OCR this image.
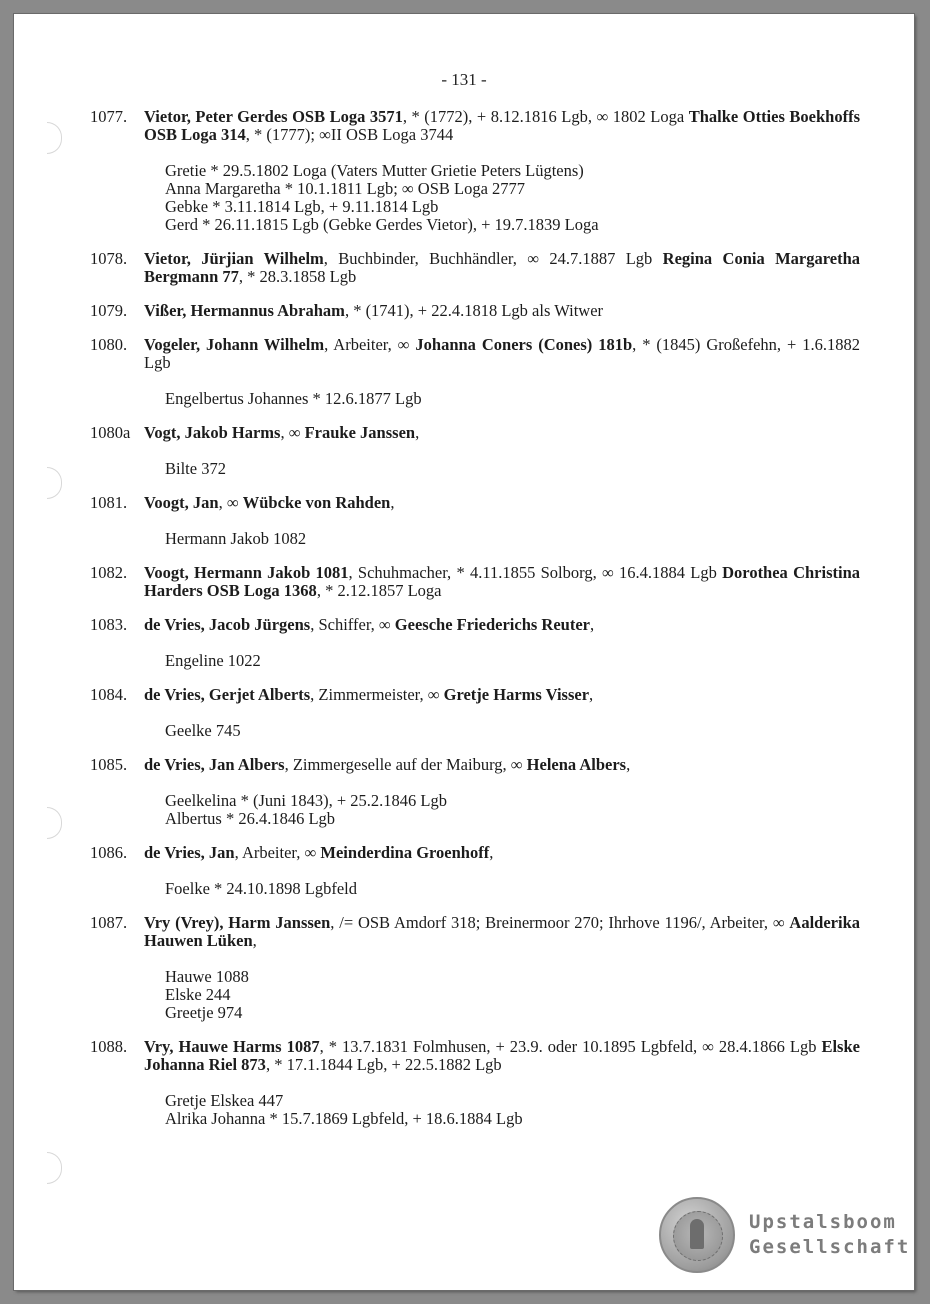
- 131 -
1077.	Vietor, Peter Gerdes OSB Loga 3571, * (1772), + 8.12.1816 Lgb, ∞ 1802 Loga Thalke Otties Boekhoffs OSB Loga 314, * (1777); ∞II OSB Loga 3744
Gretie * 29.5.1802 Loga (Vaters Mutter Grietie Peters Lügtens)
Anna Margaretha * 10.1.1811 Lgb; ∞ OSB Loga 2777
Gebke * 3.11.1814 Lgb, + 9.11.1814 Lgb
Gerd * 26.11.1815 Lgb (Gebke Gerdes Vietor), + 19.7.1839 Loga
1078.	Vietor, Jürjian Wilhelm, Buchbinder, Buchhändler, ∞ 24.7.1887 Lgb Regina Conia Margaretha Bergmann 77, * 28.3.1858 Lgb
1079.	Vißer, Hermannus Abraham, * (1741), + 22.4.1818 Lgb als Witwer
1080.	Vogeler, Johann Wilhelm, Arbeiter, ∞ Johanna Coners (Cones) 181b, * (1845) Großefehn, + 1.6.1882 Lgb
Engelbertus Johannes * 12.6.1877 Lgb
1080a Vogt, Jakob Harms, ∞ Frauke Janssen,
Bilte 372
1081.	Voogt, Jan, ∞ Wübcke von Rahden,
Hermann Jakob 1082
1082.	Voogt, Hermann Jakob 1081, Schuhmacher, * 4.11.1855 Solborg, ∞ 16.4.1884 Lgb Dorothea Christina Harders OSB Loga 1368, * 2.12.1857 Loga
1083.	de Vries, Jacob Jürgens, Schiffer, ∞ Geesche Friederichs Reuter,
Engeline 1022
1084.	de Vries, Gerjet Alberts, Zimmermeister, ∞ Gretje Harms Visser,
Geelke 745
1085.	de Vries, Jan Albers, Zimmergeselle auf der Maiburg, ∞ Helena Albers,
Geelkelina * (Juni 1843), + 25.2.1846 Lgb
Albertus * 26.4.1846 Lgb
1086.	de Vries, Jan, Arbeiter, ∞ Meinderdina Groenhoff,
Foelke * 24.10.1898 Lgbfeld
1087.	Vry (Vrey), Harm Janssen, /= OSB Amdorf 318; Breinermoor 270; Ihrhove 1196/, Arbeiter, ∞ Aalderika Hauwen Lüken,
Hauwe 1088
Elske 244
Greetje 974
1088.	Vry, Hauwe Harms 1087, * 13.7.1831 Folmhusen, + 23.9. oder 10.1895 Lgbfeld, ∞ 28.4.1866 Lgb Elske Johanna Riel 873, * 17.1.1844 Lgb, + 22.5.1882 Lgb
Gretje Elskea 447
Alrika Johanna * 15.7.1869 Lgbfeld, + 18.6.1884 Lgb
Upstalsboom
Gesellschaft
